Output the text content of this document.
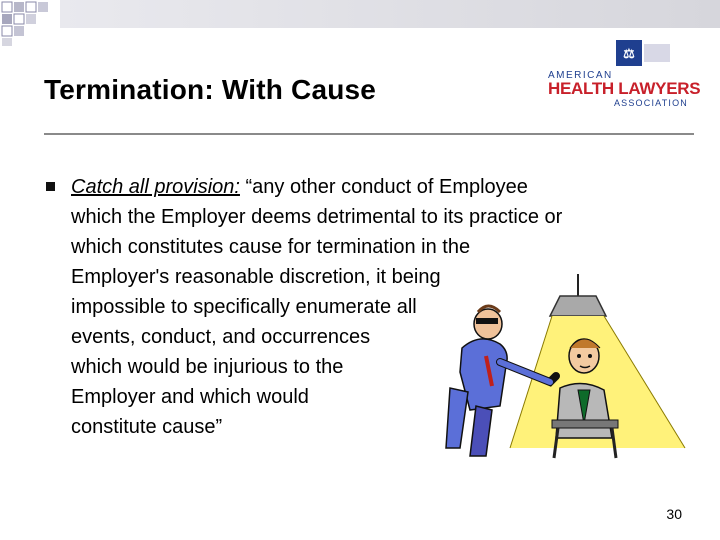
Termination: With Cause
⚖
AMERICAN
HEALTH LAWYERS
ASSOCIATION
Catch all provision: “any other conduct of Employee
which the Employer deems detrimental to its practice or
which constitutes cause for termination in the
Employer's reasonable discretion, it being
impossible to specifically enumerate all
events, conduct, and occurrences
which would be injurious to the
Employer and which would
constitute cause”
30
